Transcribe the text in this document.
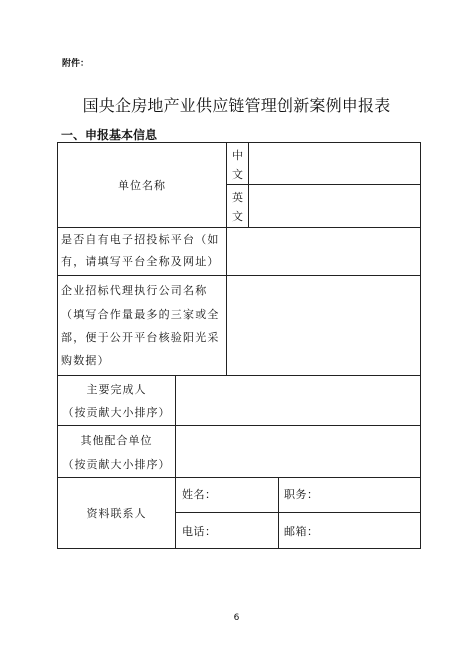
附件：
国央企房地产业供应链管理创新案例申报表
一、申报基本信息
单位名称
中
文
英
文
是否自有电子招投标平台（如
有，请填写平台全称及网址）
企业招标代理执行公司名称
（填写合作量最多的三家或全
部，便于公开平台核验阳光采
购数据）
主要完成人
（按贡献大小排序）
其他配合单位
（按贡献大小排序）
资料联系人
姓名：	职务：
电话：	邮箱：
6
